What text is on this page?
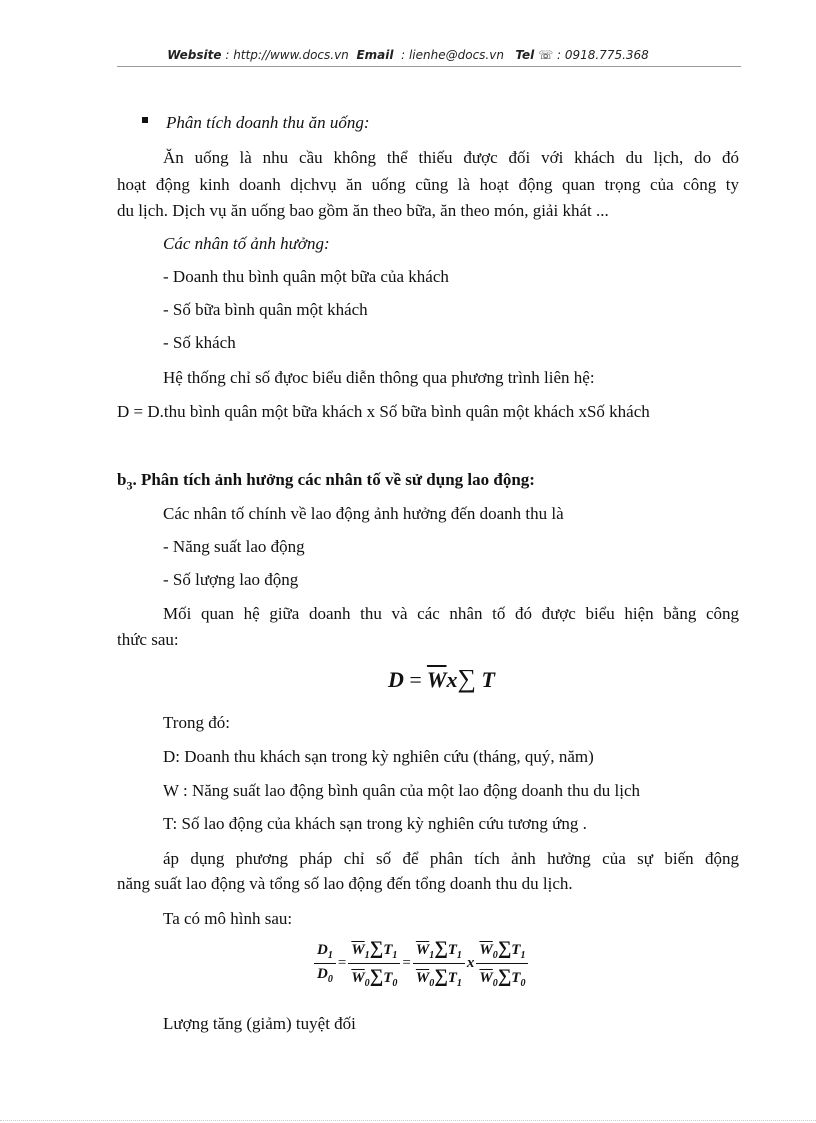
Website : http://www.docs.vn Email : lienhe@docs.vn Tel ☏ : 0918.775.368

Phân tích doanh thu ăn uống:

Ăn uống là nhu cầu không thể thiếu được đối với khách du lịch, do đó

hoạt động kinh doanh dịchvụ ăn uống cũng là hoạt động quan trọng của công ty

du lịch. Dịch vụ ăn uống bao gồm ăn theo bữa, ăn theo món, giải khát ...

Các nhân tố ảnh hưởng:

- Doanh thu bình quân một bữa của khách

- Số bữa bình quân một khách

- Số khách

Hệ thống chỉ số đựoc biểu diễn thông qua phương trình liên hệ:

D = D.thu bình quân một bữa khách x Số bữa bình quân một khách xSố khách

$b_3$. Phân tích ảnh hưởng các nhân tố về sử dụng lao động:

Các nhân tố chính về lao động ảnh hưởng đến doanh thu là

- Năng suất lao động

- Số lượng lao động

Mối quan hệ giữa doanh thu và các nhân tố đó được biểu hiện bằng công

thức sau:

$D = \overline{W}x\sum$ T

Trong đó:

D: Doanh thu khách sạn trong kỳ nghiên cứu (tháng, quý, năm)

W : Năng suất lao động bình quân của một lao động doanh thu du lịch

T: Số lao động của khách sạn trong kỳ nghiên cứu tương ứng .

áp dụng phương pháp chỉ số để phân tích ảnh hưởng của sự biến động

năng suất lao động và tổng số lao động đến tổng doanh thu du lịch.

Ta có mô hình sau:

$\frac{D_1}{D_0} = \frac{\overline{W}_1\sum T_1}{\overline{W}_0\sum T_0} = \frac{\overline{W}_1\sum T_1}{\overline{W}_0\sum T_1}$ x $\frac{\overline{W}_0\sum T_1}{\overline{W}_0\sum T_0}$

Lượng tăng (giảm) tuyệt đối
